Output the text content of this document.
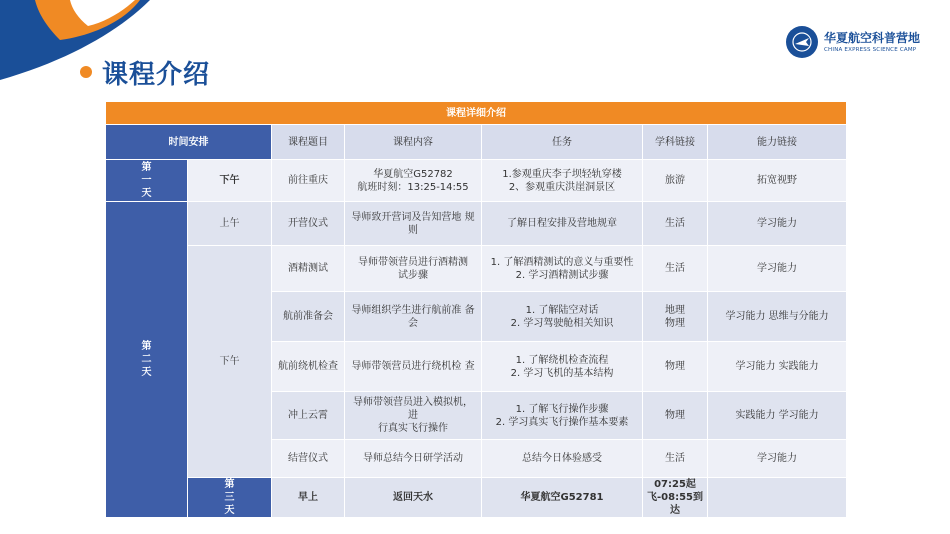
课程介绍
华夏航空科普营地
CHINA EXPRESS SCIENCE CAMP
课程详细介绍							
时间安排		课程题目	课程内容	任务	学科链接	能力链接	

第
一
天	下午	前往重庆	华夏航空G52782
航班时刻：13:25-14:55	1.参观重庆李子坝轻轨穿楼
2、参观重庆洪崖洞景区	旅游	拓宽视野	

第
二
天	上午	开营仪式	导师致开营词及告知营地 规
则	了解日程安排及营地规章	生活	学习能力	
	下午	酒精测试	导师带领营员进行酒精测
试步骤	1. 了解酒精测试的意义与重要性
2. 学习酒精测试步骤	生活	学习能力	
		航前准备会	导师组织学生进行航前准 备
会	1. 了解陆空对话
2. 学习驾驶舱相关知识	地理
物理	学习能力 思维与分能力	
		航前绕机检查	导师带领营员进行绕机检 查	1. 了解绕机检查流程
2. 学习飞机的基本结构	物理	学习能力 实践能力	
		冲上云霄	导师带领营员进入模拟机，进
行真实飞行操作	1. 了解飞行操作步骤
2. 学习真实飞行操作基本要素	物理	实践能力 学习能力	
		结营仪式	导师总结今日研学活动	总结今日体验感受	生活	学习能力	

	第
三
天	早上	返回天水	华夏航空G52781	07:25起飞-08:55到达		
